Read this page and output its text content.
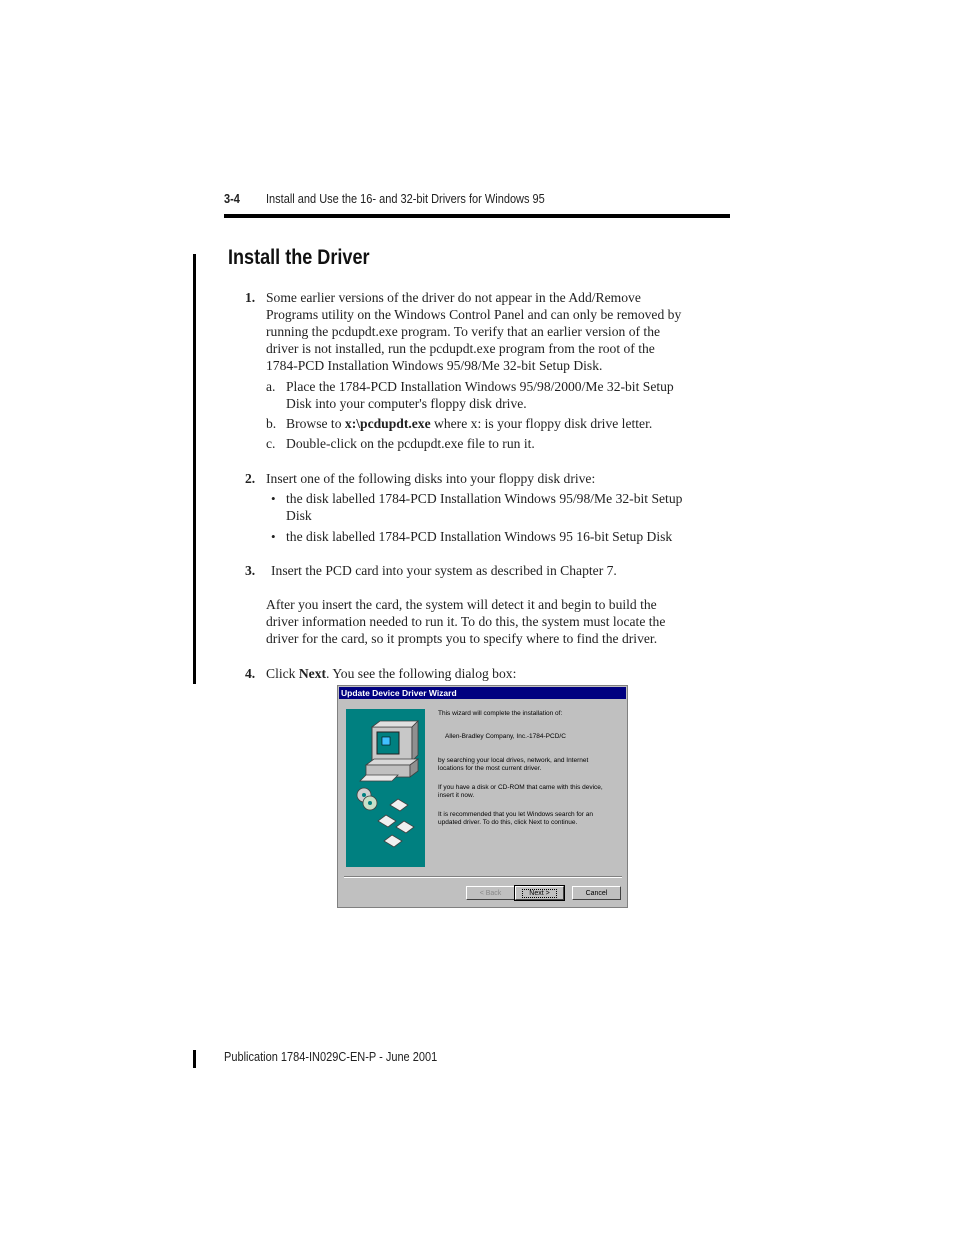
3-4 Install and Use the 16- and 32-bit Drivers for Windows 95
Install the Driver
1. Some earlier versions of the driver do not appear in the Add/Remove
Programs utility on the Windows Control Panel and can only be removed by
running the pcdupdt.exe program. To verify that an earlier version of the
driver is not installed, run the pcdupdt.exe program from the root of the
1784-PCD Installation Windows 95/98/Me 32-bit Setup Disk.
a. Place the 1784-PCD Installation Windows 95/98/2000/Me 32-bit Setup
Disk into your computer's floppy disk drive.
b. Browse to x:\pcdupdt.exe where x: is your floppy disk drive letter.
c. Double-click on the pcdupdt.exe file to run it.
2. Insert one of the following disks into your floppy disk drive:
• the disk labelled 1784-PCD Installation Windows 95/98/Me 32-bit Setup
Disk
• the disk labelled 1784-PCD Installation Windows 95 16-bit Setup Disk
3. Insert the PCD card into your system as described in Chapter 7.
After you insert the card, the system will detect it and begin to build the
driver information needed to run it. To do this, the system must locate the
driver for the card, so it prompts you to specify where to find the driver.
4. Click Next. You see the following dialog box:
Update Device Driver Wizard
This wizard will complete the installation of:
Allen-Bradley Company, Inc.-1784-PCD/C
by searching your local drives, network, and Internet
locations for the most current driver.
If you have a disk or CD-ROM that came with this device,
insert it now.
It is recommended that you let Windows search for an
updated driver. To do this, click Next to continue.
< Back	Next >	Cancel
Publication 1784-IN029C-EN-P - June 2001
